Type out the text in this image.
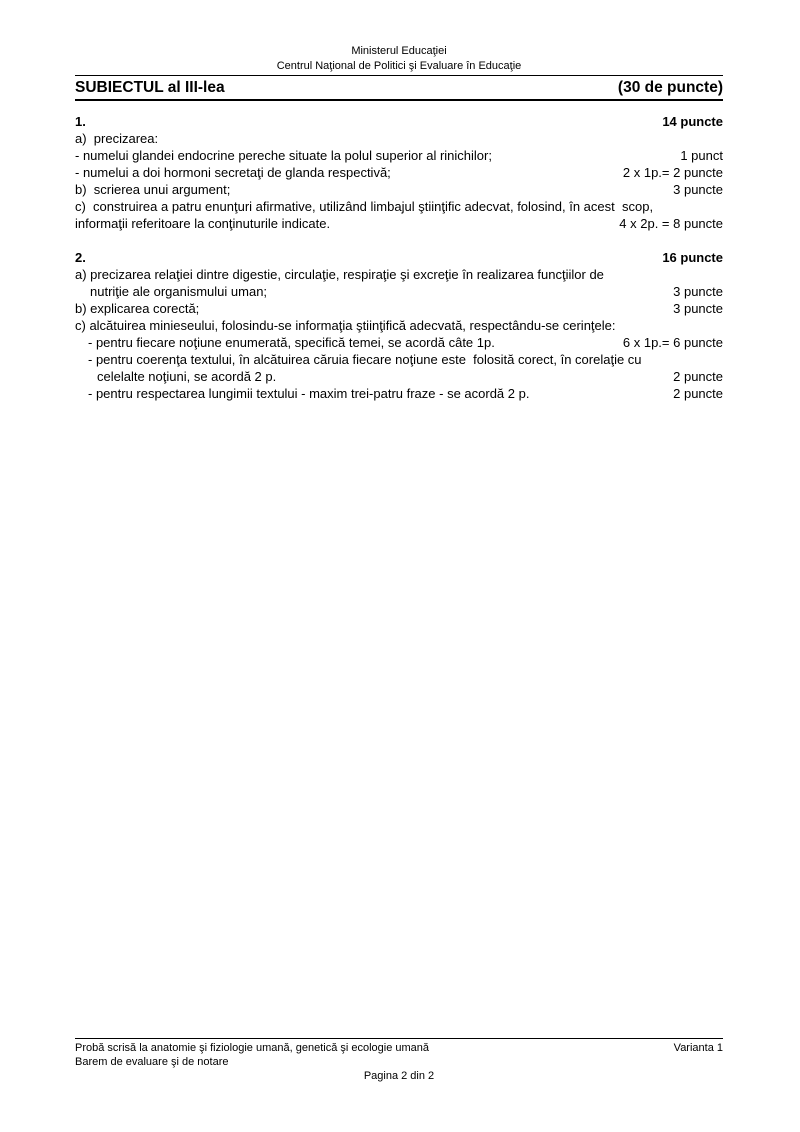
Ministerul Educaţiei
Centrul Naţional de Politici şi Evaluare în Educaţie
SUBIECTUL al III-lea	(30 de puncte)
1.	14 puncte
a)  precizarea:
- numelui glandei endocrine pereche situate la polul superior al rinichilor;	1 punct
- numelui a doi hormoni secretaţi de glanda respectivă;	2 x 1p.= 2 puncte
b)  scrierea unui argument;	3 puncte
c)  construirea a patru enunţuri afirmative, utilizând limbajul ştiinţific adecvat, folosind, în acest  scop,
informaţii referitoare la conţinuturile indicate.	4 x 2p. = 8 puncte
2.	16 puncte
a) precizarea relaţiei dintre digestie, circulaţie, respiraţie şi excreţie în realizarea funcţiilor de
nutriţie ale organismului uman;	3 puncte
b) explicarea corectă;	3 puncte
c) alcătuirea minieseului, folosindu-se informaţia ştiinţifică adecvată, respectându-se cerinţele:
- pentru fiecare noţiune enumerată, specifică temei, se acordă câte 1p.	6 x 1p.= 6 puncte
- pentru coerenţa textului, în alcătuirea căruia fiecare noţiune este  folosită corect, în corelaţie cu
celelalte noţiuni, se acordă 2 p.	2 puncte
- pentru respectarea lungimii textului - maxim trei-patru fraze - se acordă 2 p.	2 puncte
Probă scrisă la anatomie şi fiziologie umană, genetică şi ecologie umană	Varianta 1
Barem de evaluare şi de notare
Pagina 2 din 2
